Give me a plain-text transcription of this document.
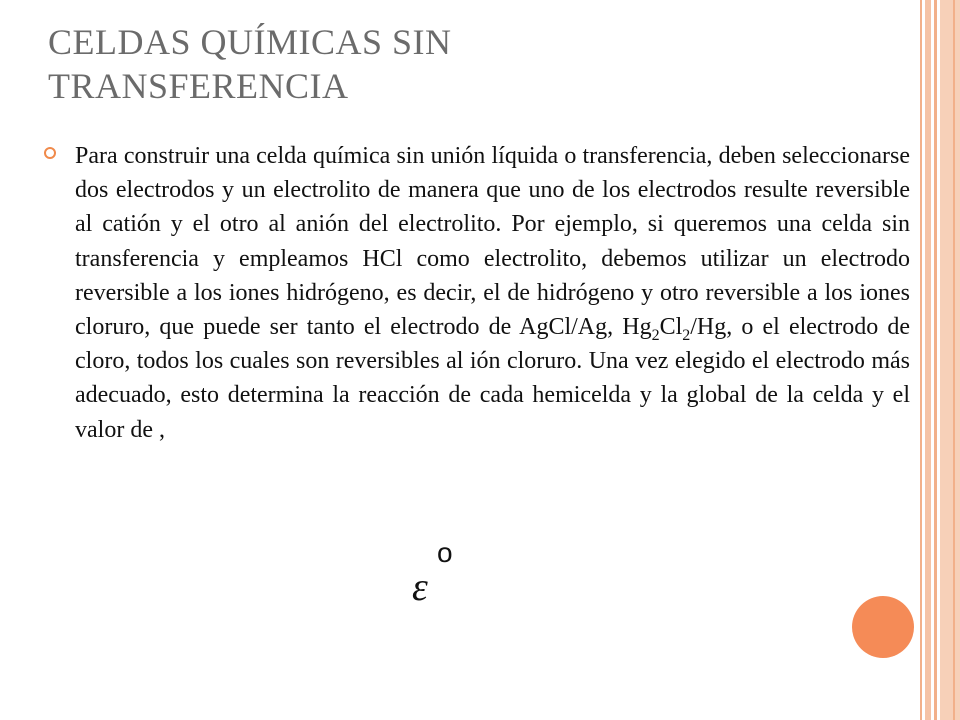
CELDAS QUÍMICAS SIN
TRANSFERENCIA
Para construir una celda química sin unión líquida o transferencia, deben seleccionarse dos electrodos y un electrolito de manera que uno de los electrodos resulte reversible al catión y el otro al anión del electrolito. Por ejemplo, si queremos una celda sin transferencia y empleamos HCl como electrolito, debemos utilizar un electrodo reversible a los iones hidrógeno, es decir, el de hidrógeno y otro reversible a los iones cloruro, que puede ser tanto el electrodo de AgCl/Ag, $Hg_2Cl_2/Hg$, o el electrodo de cloro, todos los cuales son reversibles al ión cloruro. Una vez elegido el electrodo más adecuado, esto determina la reacción de cada hemicelda y la global de la celda y el valor de ,
ε
o
